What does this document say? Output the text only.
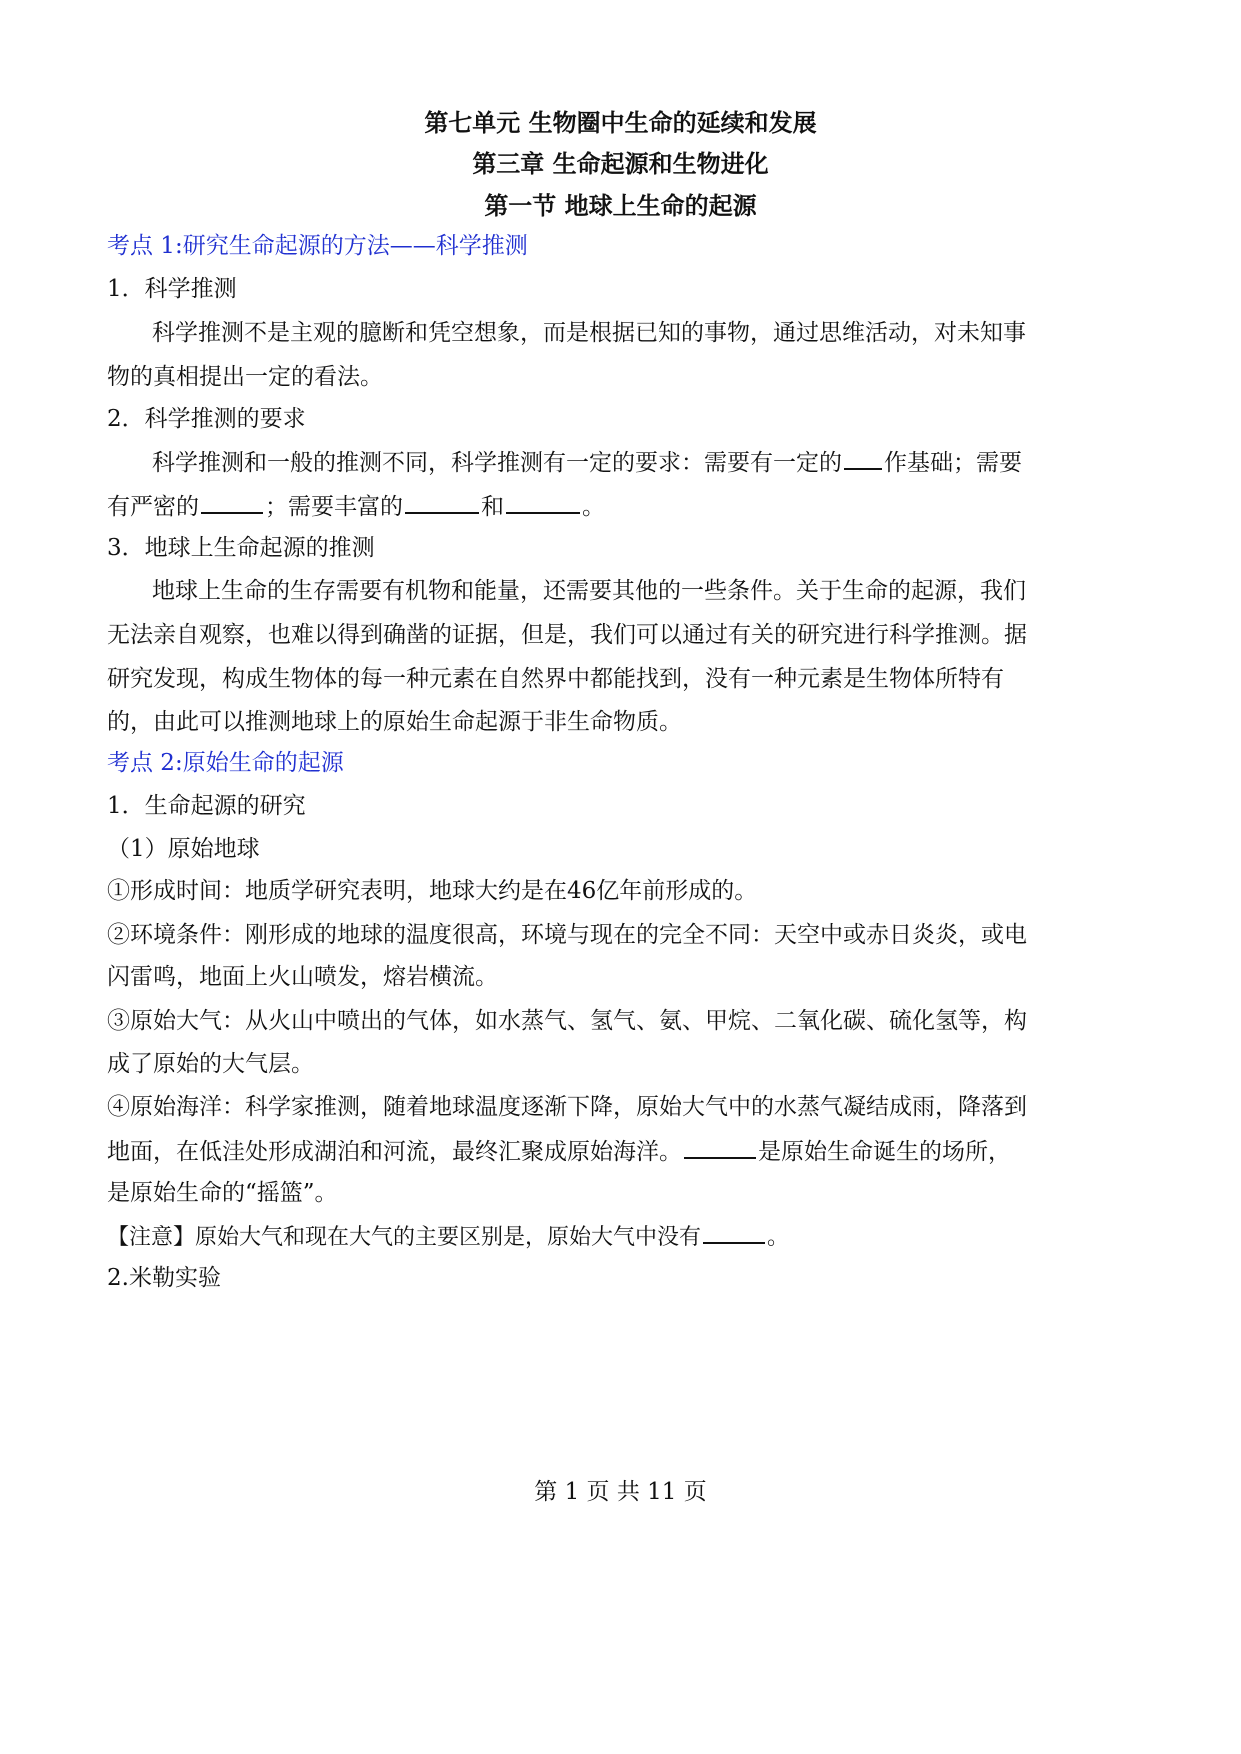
第七单元 生物圈中生命的延续和发展
第三章 生命起源和生物进化
第一节 地球上生命的起源
考点 1:研究生命起源的方法——科学推测
1．科学推测
科学推测不是主观的臆断和凭空想象，而是根据已知的事物，通过思维活动，对未知事
物的真相提出一定的看法。
2．科学推测的要求
科学推测和一般的推测不同，科学推测有一定的要求：需要有一定的 作基础；需要
有严密的	；需要丰富的	和	。
3．地球上生命起源的推测
地球上生命的生存需要有机物和能量，还需要其他的一些条件。关于生命的起源，我们
无法亲自观察，也难以得到确凿的证据，但是，我们可以通过有关的研究进行科学推测。据
研究发现，构成生物体的每一种元素在自然界中都能找到，没有一种元素是生物体所特有
的，由此可以推测地球上的原始生命起源于非生命物质。
考点 2:原始生命的起源
1．生命起源的研究
（1）原始地球
①形成时间：地质学研究表明，地球大约是在46亿年前形成的。
②环境条件：刚形成的地球的温度很高，环境与现在的完全不同：天空中或赤日炎炎，或电
闪雷鸣，地面上火山喷发，熔岩横流。
③原始大气：从火山中喷出的气体，如水蒸气、氢气、氨、甲烷、二氧化碳、硫化氢等，构
成了原始的大气层。
④原始海洋：科学家推测，随着地球温度逐渐下降，原始大气中的水蒸气凝结成雨，降落到
地面，在低洼处形成湖泊和河流，最终汇聚成原始海洋。	是原始生命诞生的场所，
是原始生命的“摇篮”。
【注意】原始大气和现在大气的主要区别是，原始大气中没有	。
2.米勒实验
第 1 页 共 11 页
